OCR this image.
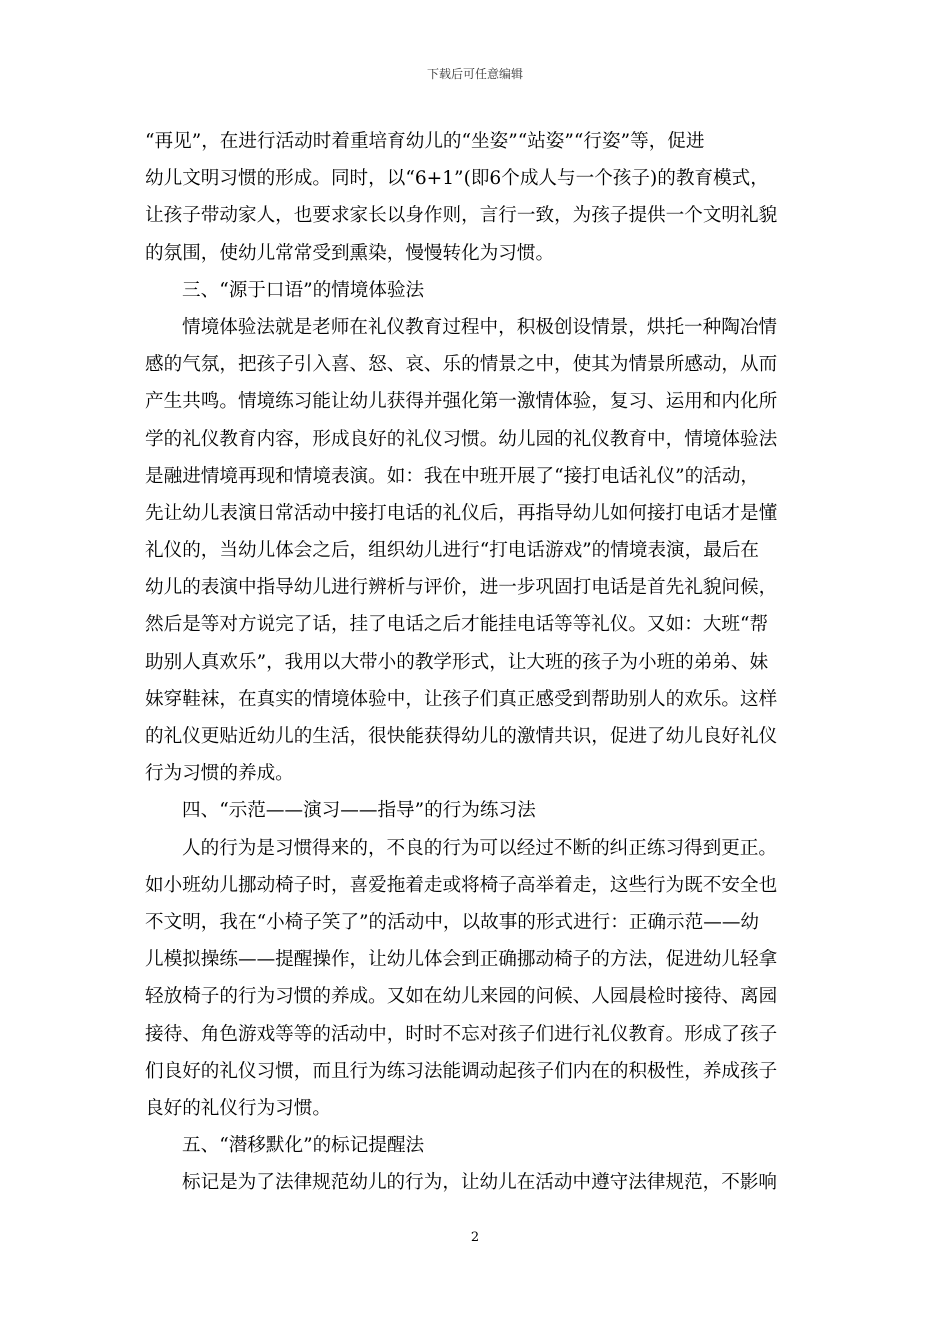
下载后可任意编辑
“再见”，在进行活动时着重培育幼儿的“坐姿”“站姿”“行姿”等，促进
幼儿文明习惯的形成。同时，以“6+1”(即6个成人与一个孩子)的教育模式，
让孩子带动家人，也要求家长以身作则，言行一致，为孩子提供一个文明礼貌
的氛围，使幼儿常常受到熏染，慢慢转化为习惯。
三、“源于口语”的情境体验法
情境体验法就是老师在礼仪教育过程中，积极创设情景，烘托一种陶冶情
感的气氛，把孩子引入喜、怒、哀、乐的情景之中，使其为情景所感动，从而
产生共鸣。情境练习能让幼儿获得并强化第一激情体验，复习、运用和内化所
学的礼仪教育内容，形成良好的礼仪习惯。幼儿园的礼仪教育中，情境体验法
是融进情境再现和情境表演。如：我在中班开展了“接打电话礼仪”的活动，
先让幼儿表演日常活动中接打电话的礼仪后，再指导幼儿如何接打电话才是懂
礼仪的，当幼儿体会之后，组织幼儿进行“打电话游戏”的情境表演，最后在
幼儿的表演中指导幼儿进行辨析与评价，进一步巩固打电话是首先礼貌问候，
然后是等对方说完了话，挂了电话之后才能挂电话等等礼仪。又如：大班“帮
助别人真欢乐”，我用以大带小的教学形式，让大班的孩子为小班的弟弟、妹
妹穿鞋袜，在真实的情境体验中，让孩子们真正感受到帮助别人的欢乐。这样
的礼仪更贴近幼儿的生活，很快能获得幼儿的激情共识，促进了幼儿良好礼仪
行为习惯的养成。
四、“示范——演习——指导”的行为练习法
人的行为是习惯得来的，不良的行为可以经过不断的纠正练习得到更正。
如小班幼儿挪动椅子时，喜爱拖着走或将椅子高举着走，这些行为既不安全也
不文明，我在“小椅子笑了”的活动中，以故事的形式进行：正确示范——幼
儿模拟操练——提醒操作，让幼儿体会到正确挪动椅子的方法，促进幼儿轻拿
轻放椅子的行为习惯的养成。又如在幼儿来园的问候、人园晨检时接待、离园
接待、角色游戏等等的活动中，时时不忘对孩子们进行礼仪教育。形成了孩子
们良好的礼仪习惯，而且行为练习法能调动起孩子们内在的积极性，养成孩子
良好的礼仪行为习惯。
五、“潜移默化”的标记提醒法
标记是为了法律规范幼儿的行为，让幼儿在活动中遵守法律规范，不影响
2
